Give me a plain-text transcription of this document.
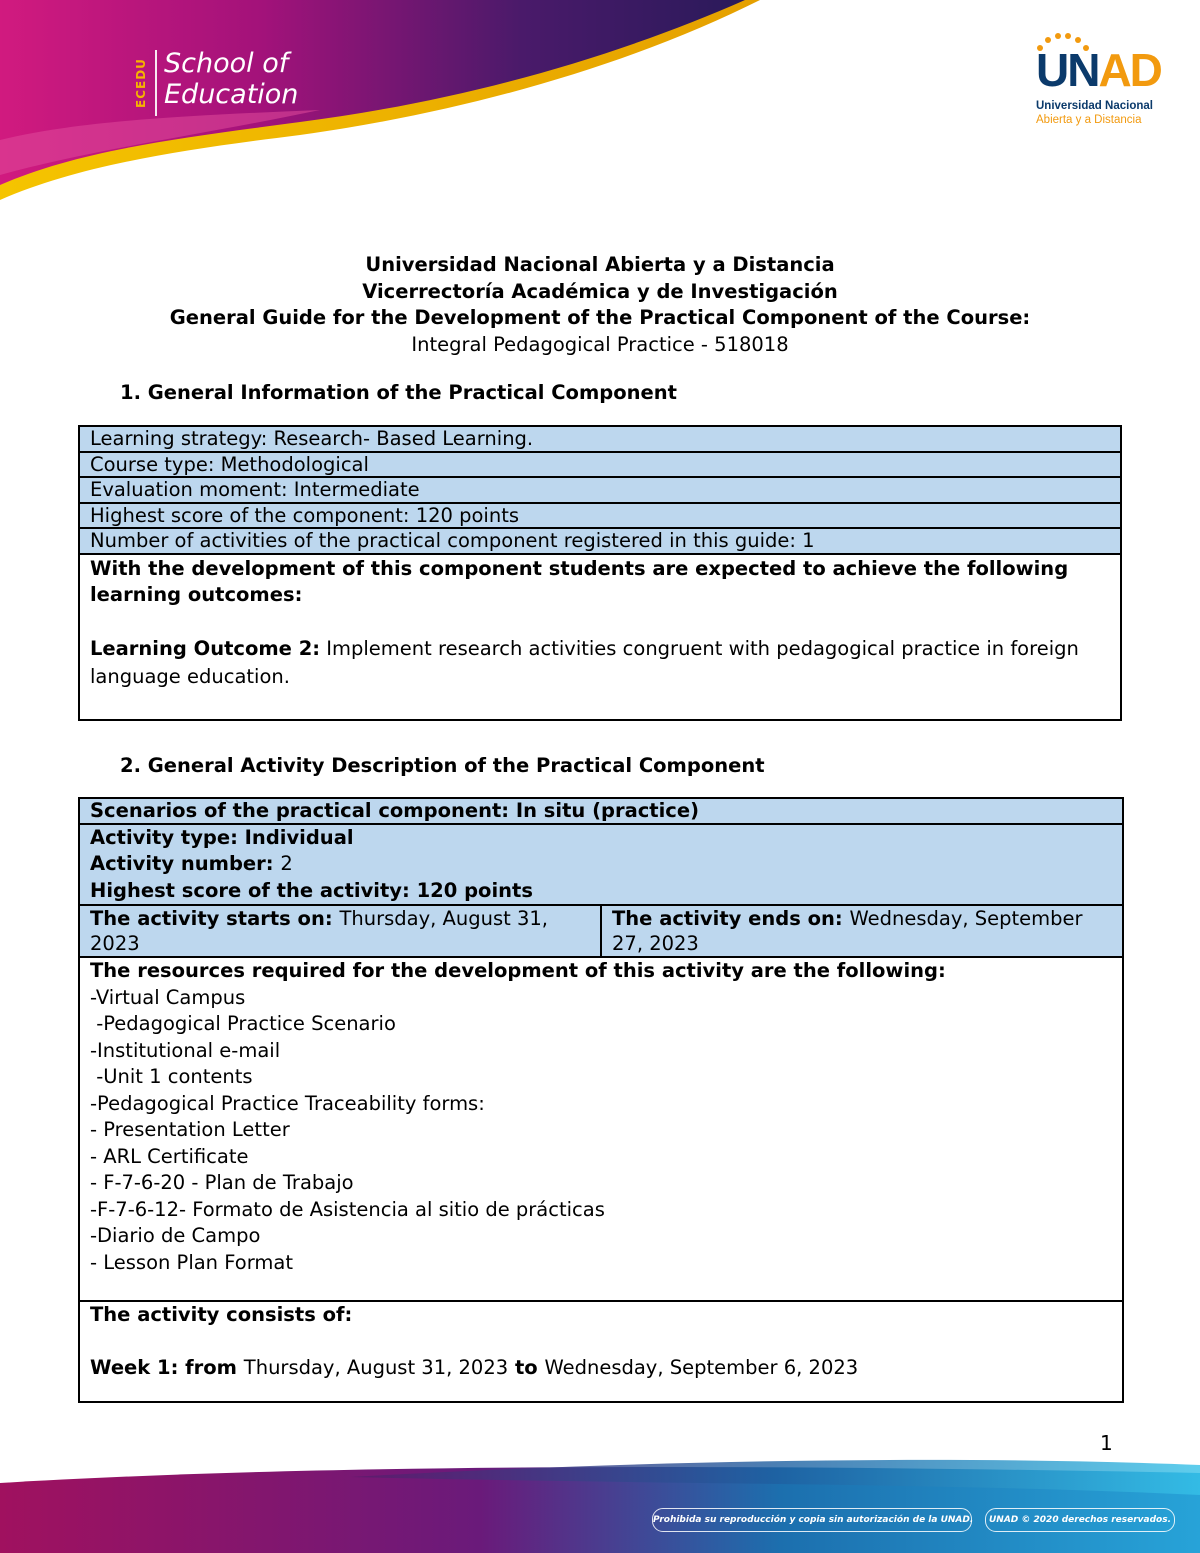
ECEDU School of
Education	UNAD
Universidad Nacional
Abierta y a Distancia
Universidad Nacional Abierta y a Distancia
Vicerrectoría Académica y de Investigación
General Guide for the Development of the Practical Component of the Course:
Integral Pedagogical Practice - 518018
1. General Information of the Practical Component
Learning strategy: Research- Based Learning.
Course type: Methodological
Evaluation moment: Intermediate
Highest score of the component: 120 points
Number of activities of the practical component registered in this guide: 1

With the development of this component students are expected to achieve the following learning outcomes:
Learning Outcome 2: Implement research activities congruent with pedagogical practice in foreign language education.
2. General Activity Description of the Practical Component
Scenarios of the practical component: In situ (practice)

Activity type: Individual
Activity number: 2
Highest score of the activity: 120 points

The activity starts on: Thursday, August 31, 2023	The activity ends on: Wednesday, September 27, 2023

The resources required for the development of this activity are the following:
-Virtual Campus
-Pedagogical Practice Scenario
-Institutional e-mail
-Unit 1 contents
-Pedagogical Practice Traceability forms:
- Presentation Letter
- ARL Certificate
- F-7-6-20 - Plan de Trabajo
-F-7-6-12- Formato de Asistencia al sitio de prácticas
-Diario de Campo
- Lesson Plan Format

The activity consists of:
Week 1: from Thursday, August 31, 2023 to Wednesday, September 6, 2023
1
Prohibida su reproducción y copia sin autorización de la UNAD.	UNAD © 2020 derechos reservados.
